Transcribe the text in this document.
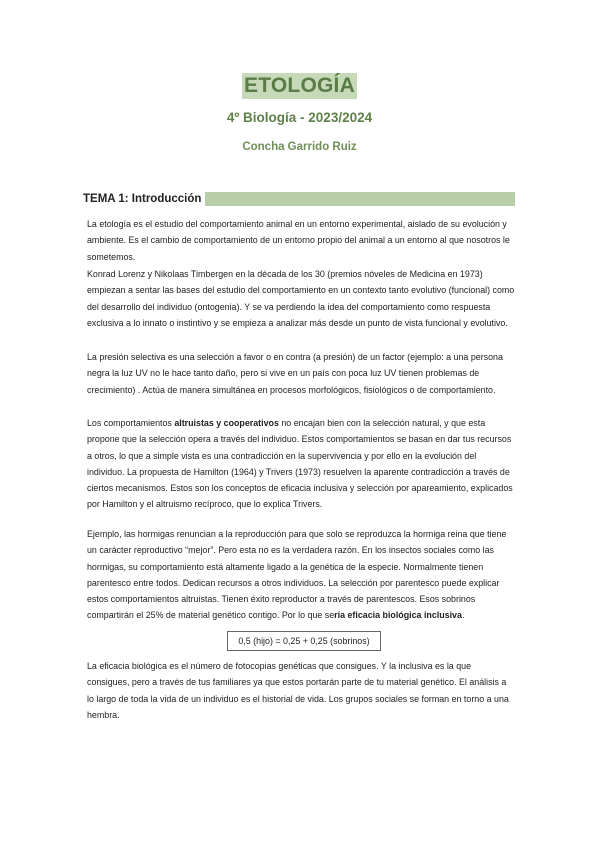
ETOLOGÍA
4º Biología - 2023/2024
Concha Garrido Ruiz
TEMA 1: Introducción

La etología es el estudio del comportamiento animal en un entorno experimental, aislado de su evolución y ambiente. Es el cambio de comportamiento de un entorno propio del animal a un entorno al que nosotros le sometemos.

Konrad Lorenz y Nikolaas Timbergen en la década de los 30 (premios nóveles de Medicina en 1973) empiezan a sentar las bases del estudio del comportamiento en un contexto tanto evolutivo (funcional) como del desarrollo del individuo (ontogenia). Y se va perdiendo la idea del comportamiento como respuesta exclusiva a lo innato o instintivo y se empieza a analizar más desde un punto de vista funcional y evolutivo.

La presión selectiva es una selección a favor o en contra (a presión) de un factor (ejemplo: a una persona negra la luz UV no le hace tanto daño, pero si vive en un país con poca luz UV tienen problemas de crecimiento) . Actúa de manera simultánea en procesos morfológicos, fisiológicos o de comportamiento.

Los comportamientos altruistas y cooperativos no encajan bien con la selección natural, y que esta propone que la selección opera a través del individuo. Estos comportamientos se basan en dar tus recursos a otros, lo que a simple vista es una contradicción en la supervivencia y por ello en la evolución del individuo. La propuesta de Hamilton (1964) y Trivers (1973) resuelven la aparente contradicción a través de ciertos mecanismos. Estos son los conceptos de eficacia inclusiva y selección por apareamiento, explicados por Hamilton y el altruismo recíproco, que lo explica Trivers.

Ejemplo, las hormigas renuncian a la reproducción para que solo se reproduzca la hormiga reina que tiene un carácter reproductivo “mejor”. Pero esta no es la verdadera razón. En los insectos sociales como las hormigas, su comportamiento está altamente ligado a la genética de la especie. Normalmente tienen parentesco entre todos. Dedican recursos a otros individuos. La selección por parentesco puede explicar estos comportamientos altruistas. Tienen éxito reproductor a través de parentescos. Esos sobrinos compartirán el 25% de material genético contigo. Por lo que sería eficacia biológica inclusiva.

0,5 (hijo) = 0,25 + 0,25 (sobrinos)

La eficacia biológica es el número de fotocopias genéticas que consigues. Y la inclusiva es la que consigues, pero a través de tus familiares ya que estos portarán parte de tu material genético. El análisis a lo largo de toda la vida de un individuo es el historial de vida. Los grupos sociales se forman en torno a una hembra.
